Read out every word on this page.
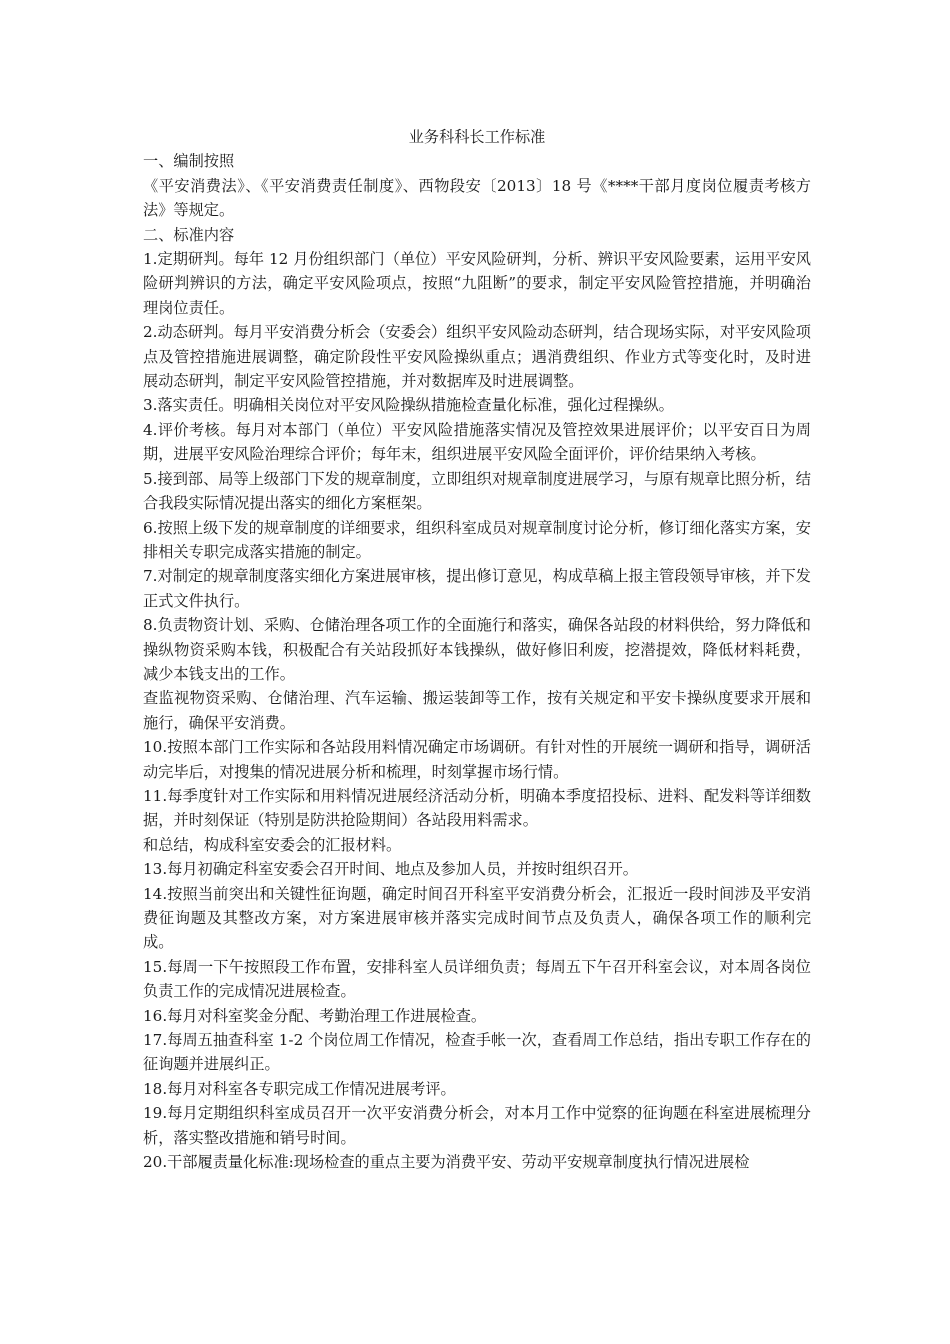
业务科科长工作标准

一、编制按照

《平安消费法》、《平安消费责任制度》、西物段安〔2013〕18 号《****干部月度岗位履责考核方法》等规定。

二、标准内容

1.定期研判。每年 12 月份组织部门（单位）平安风险研判，分析、辨识平安风险要素，运用平安风险研判辨识的方法，确定平安风险项点，按照“九阻断”的要求，制定平安风险管控措施，并明确治理岗位责任。

2.动态研判。每月平安消费分析会（安委会）组织平安风险动态研判，结合现场实际，对平安风险项点及管控措施进展调整，确定阶段性平安风险操纵重点；遇消费组织、作业方式等变化时，及时进展动态研判，制定平安风险管控措施，并对数据库及时进展调整。

3.落实责任。明确相关岗位对平安风险操纵措施检查量化标准，强化过程操纵。

4.评价考核。每月对本部门（单位）平安风险措施落实情况及管控效果进展评价；以平安百日为周期，进展平安风险治理综合评价；每年末，组织进展平安风险全面评价，评价结果纳入考核。

5.接到部、局等上级部门下发的规章制度，立即组织对规章制度进展学习，与原有规章比照分析，结合我段实际情况提出落实的细化方案框架。

6.按照上级下发的规章制度的详细要求，组织科室成员对规章制度讨论分析，修订细化落实方案，安排相关专职完成落实措施的制定。

7.对制定的规章制度落实细化方案进展审核，提出修订意见，构成草稿上报主管段领导审核，并下发正式文件执行。

8.负责物资计划、采购、仓储治理各项工作的全面施行和落实，确保各站段的材料供给，努力降低和操纵物资采购本钱，积极配合有关站段抓好本钱操纵，做好修旧利废，挖潜提效，降低材料耗费，减少本钱支出的工作。

查监视物资采购、仓储治理、汽车运输、搬运装卸等工作，按有关规定和平安卡操纵度要求开展和施行，确保平安消费。

10.按照本部门工作实际和各站段用料情况确定市场调研。有针对性的开展统一调研和指导，调研活动完毕后，对搜集的情况进展分析和梳理，时刻掌握市场行情。

11.每季度针对工作实际和用料情况进展经济活动分析，明确本季度招投标、进料、配发料等详细数据，并时刻保证（特别是防洪抢险期间）各站段用料需求。

和总结，构成科室安委会的汇报材料。

13.每月初确定科室安委会召开时间、地点及参加人员，并按时组织召开。

14.按照当前突出和关键性征询题，确定时间召开科室平安消费分析会，汇报近一段时间涉及平安消费征询题及其整改方案，对方案进展审核并落实完成时间节点及负责人，确保各项工作的顺利完成。

15.每周一下午按照段工作布置，安排科室人员详细负责；每周五下午召开科室会议，对本周各岗位负责工作的完成情况进展检查。

16.每月对科室奖金分配、考勤治理工作进展检查。

17.每周五抽查科室 1-2 个岗位周工作情况，检查手帐一次，查看周工作总结，指出专职工作存在的征询题并进展纠正。

18.每月对科室各专职完成工作情况进展考评。

19.每月定期组织科室成员召开一次平安消费分析会，对本月工作中觉察的征询题在科室进展梳理分析，落实整改措施和销号时间。

20.干部履责量化标准:现场检查的重点主要为消费平安、劳动平安规章制度执行情况进展检
